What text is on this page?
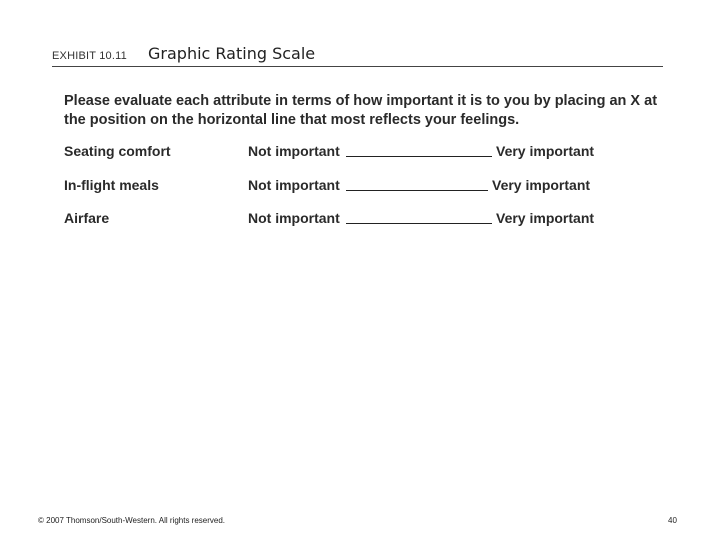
EXHIBIT 10.11 Graphic Rating Scale
Please evaluate each attribute in terms of how important it is to you by placing an X at the position on the horizontal line that most reflects your feelings.
Seating comfort	Not important	Very important
In-flight meals	Not important	Very important
Airfare	Not important	Very important
© 2007 Thomson/South-Western. All rights reserved.	40
